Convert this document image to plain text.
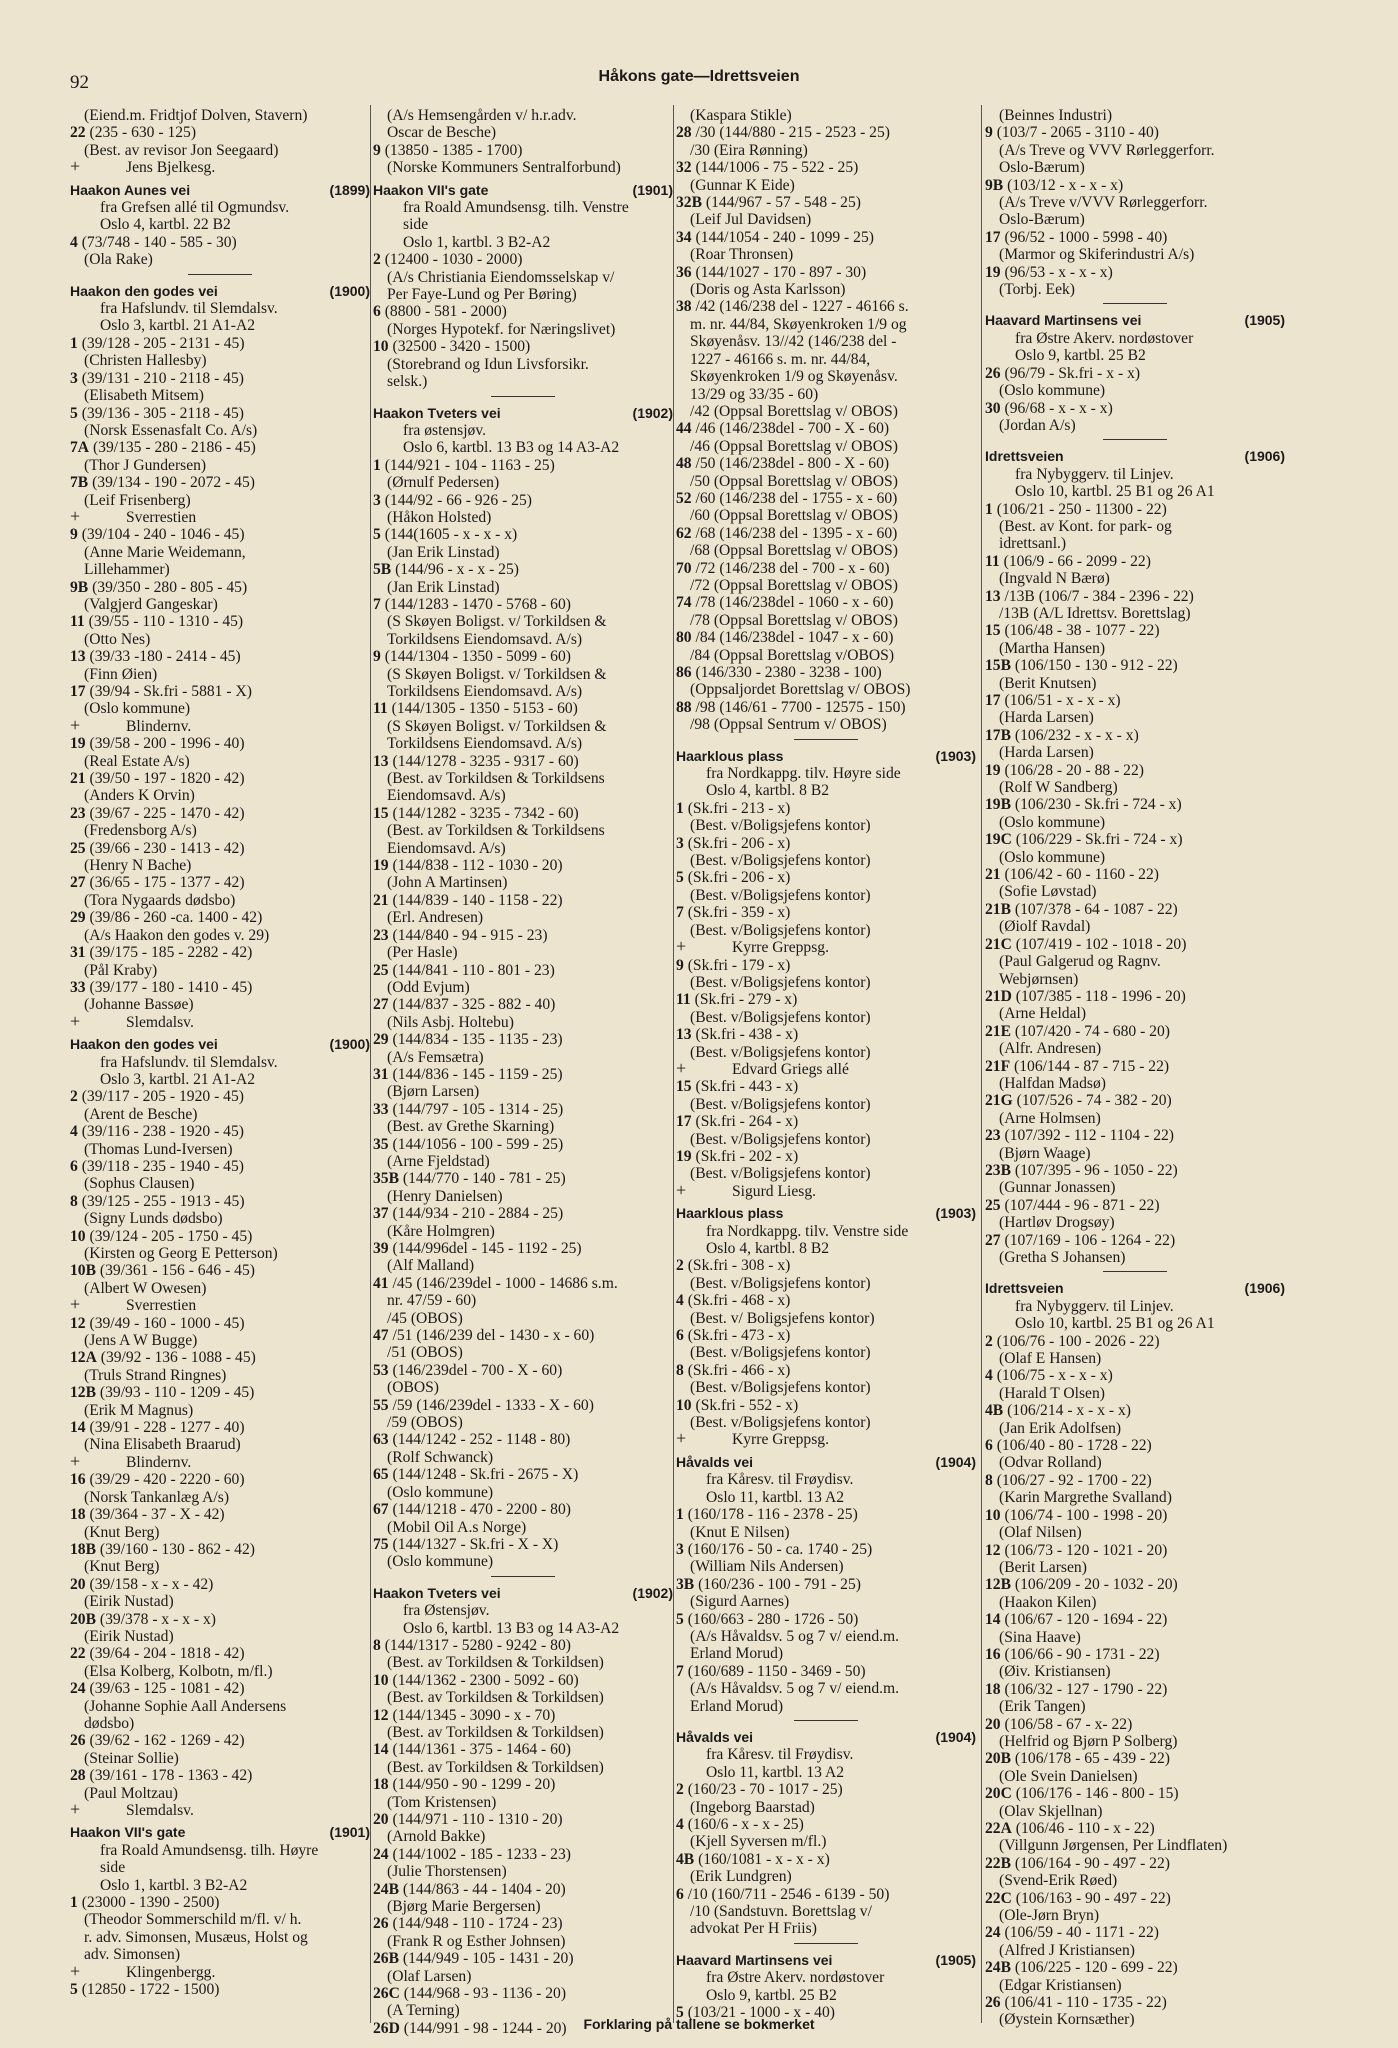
92	Håkons gate—Idrettsveien
(Eiend.m. Fridtjof Dolven, Stavern)
22 (235 - 630 - 125)
(Best. av revisor Jon Seegaard)
+	Jens Bjelkesg.
Haakon Aunes vei	(1899)
fra Grefsen allé til Ogmundsv.
Oslo 4, kartbl. 22 B2
4 (73/748 - 140 - 585 - 30)
(Ola Rake)
Haakon den godes vei	(1900)
fra Hafslundv. til Slemdalsv.
Oslo 3, kartbl. 21 A1-A2
1 (39/128 - 205 - 2131 - 45)
(Christen Hallesby)
3 (39/131 - 210 - 2118 - 45)
(Elisabeth Mitsem)
5 (39/136 - 305 - 2118 - 45)
(Norsk Essenasfalt Co. A/s)
7A (39/135 - 280 - 2186 - 45)
(Thor J Gundersen)
7B (39/134 - 190 - 2072 - 45)
(Leif Frisenberg)
+	Sverrestien
9 (39/104 - 240 - 1046 - 45)
(Anne Marie Weidemann,
Lillehammer)
9B (39/350 - 280 - 805 - 45)
(Valgjerd Gangeskar)
11 (39/55 - 110 - 1310 - 45)
(Otto Nes)
13 (39/33 -180 - 2414 - 45)
(Finn Øien)
17 (39/94 - Sk.fri - 5881 - X)
(Oslo kommune)
+	Blindernv.
19 (39/58 - 200 - 1996 - 40)
(Real Estate A/s)
21 (39/50 - 197 - 1820 - 42)
(Anders K Orvin)
23 (39/67 - 225 - 1470 - 42)
(Fredensborg A/s)
25 (39/66 - 230 - 1413 - 42)
(Henry N Bache)
27 (36/65 - 175 - 1377 - 42)
(Tora Nygaards dødsbo)
29 (39/86 - 260 -ca. 1400 - 42)
(A/s Haakon den godes v. 29)
31 (39/175 - 185 - 2282 - 42)
(Pål Kraby)
33 (39/177 - 180 - 1410 - 45)
(Johanne Bassøe)
+	Slemdalsv.
Haakon den godes vei	(1900)
fra Hafslundv. til Slemdalsv.
Oslo 3, kartbl. 21 A1-A2
2 (39/117 - 205 - 1920 - 45)
(Arent de Besche)
4 (39/116 - 238 - 1920 - 45)
(Thomas Lund-Iversen)
6 (39/118 - 235 - 1940 - 45)
(Sophus Clausen)
8 (39/125 - 255 - 1913 - 45)
(Signy Lunds dødsbo)
10 (39/124 - 205 - 1750 - 45)
(Kirsten og Georg E Petterson)
10B (39/361 - 156 - 646 - 45)
(Albert W Owesen)
+	Sverrestien
12 (39/49 - 160 - 1000 - 45)
(Jens A W Bugge)
12A (39/92 - 136 - 1088 - 45)
(Truls Strand Ringnes)
12B (39/93 - 110 - 1209 - 45)
(Erik M Magnus)
14 (39/91 - 228 - 1277 - 40)
(Nina Elisabeth Braarud)
+	Blindernv.
16 (39/29 - 420 - 2220 - 60)
(Norsk Tankanlæg A/s)
18 (39/364 - 37 - X - 42)
(Knut Berg)
18B (39/160 - 130 - 862 - 42)
(Knut Berg)
20 (39/158 - x - x - 42)
(Eirik Nustad)
20B (39/378 - x - x - x)
(Eirik Nustad)
22 (39/64 - 204 - 1818 - 42)
(Elsa Kolberg, Kolbotn, m/fl.)
24 (39/63 - 125 - 1081 - 42)
(Johanne Sophie Aall Andersens
dødsbo)
26 (39/62 - 162 - 1269 - 42)
(Steinar Sollie)
28 (39/161 - 178 - 1363 - 42)
(Paul Moltzau)
+	Slemdalsv.
Haakon VII's gate	(1901)
fra Roald Amundsensg. tilh. Høyre
side
Oslo 1, kartbl. 3 B2-A2
1 (23000 - 1390 - 2500)
(Theodor Sommerschild m/fl. v/ h.
r. adv. Simonsen, Musæus, Holst og
adv. Simonsen)
+	Klingenbergg.
5 (12850 - 1722 - 1500)
(A/s Hemsengården v/ h.r.adv.
Oscar de Besche)
9 (13850 - 1385 - 1700)
(Norske Kommuners Sentralforbund)
Haakon VII's gate	(1901)
fra Roald Amundsensg. tilh. Venstre
side
Oslo 1, kartbl. 3 B2-A2
2 (12400 - 1030 - 2000)
(A/s Christiania Eiendomsselskap v/
Per Faye-Lund og Per Børing)
6 (8800 - 581 - 2000)
(Norges Hypotekf. for Næringslivet)
10 (32500 - 3420 - 1500)
(Storebrand og Idun Livsforsikr.
selsk.)
Haakon Tveters vei	(1902)
fra østensjøv.
Oslo 6, kartbl. 13 B3 og 14 A3-A2
1 (144/921 - 104 - 1163 - 25)
(Ørnulf Pedersen)
3 (144/92 - 66 - 926 - 25)
(Håkon Holsted)
5 (144(1605 - x - x - x)
(Jan Erik Linstad)
5B (144/96 - x - x - 25)
(Jan Erik Linstad)
7 (144/1283 - 1470 - 5768 - 60)
(S Skøyen Boligst. v/ Torkildsen &
Torkildsens Eiendomsavd. A/s)
9 (144/1304 - 1350 - 5099 - 60)
(S Skøyen Boligst. v/ Torkildsen &
Torkildsens Eiendomsavd. A/s)
11 (144/1305 - 1350 - 5153 - 60)
(S Skøyen Boligst. v/ Torkildsen &
Torkildsens Eiendomsavd. A/s)
13 (144/1278 - 3235 - 9317 - 60)
(Best. av Torkildsen & Torkildsens
Eiendomsavd. A/s)
15 (144/1282 - 3235 - 7342 - 60)
(Best. av Torkildsen & Torkildsens
Eiendomsavd. A/s)
19 (144/838 - 112 - 1030 - 20)
(John A Martinsen)
21 (144/839 - 140 - 1158 - 22)
(Erl. Andresen)
23 (144/840 - 94 - 915 - 23)
(Per Hasle)
25 (144/841 - 110 - 801 - 23)
(Odd Evjum)
27 (144/837 - 325 - 882 - 40)
(Nils Asbj. Holtebu)
29 (144/834 - 135 - 1135 - 23)
(A/s Femsætra)
31 (144/836 - 145 - 1159 - 25)
(Bjørn Larsen)
33 (144/797 - 105 - 1314 - 25)
(Best. av Grethe Skarning)
35 (144/1056 - 100 - 599 - 25)
(Arne Fjeldstad)
35B (144/770 - 140 - 781 - 25)
(Henry Danielsen)
37 (144/934 - 210 - 2884 - 25)
(Kåre Holmgren)
39 (144/996del - 145 - 1192 - 25)
(Alf Malland)
41 /45 (146/239del - 1000 - 14686 s.m.
nr. 47/59 - 60)
/45 (OBOS)
47 /51 (146/239 del - 1430 - x - 60)
/51 (OBOS)
53 (146/239del - 700 - X - 60)
(OBOS)
55 /59 (146/239del - 1333 - X - 60)
/59 (OBOS)
63 (144/1242 - 252 - 1148 - 80)
(Rolf Schwanck)
65 (144/1248 - Sk.fri - 2675 - X)
(Oslo kommune)
67 (144/1218 - 470 - 2200 - 80)
(Mobil Oil A.s Norge)
75 (144/1327 - Sk.fri - X - X)
(Oslo kommune)
Haakon Tveters vei	(1902)
fra Østensjøv.
Oslo 6, kartbl. 13 B3 og 14 A3-A2
8 (144/1317 - 5280 - 9242 - 80)
(Best. av Torkildsen & Torkildsen)
10 (144/1362 - 2300 - 5092 - 60)
(Best. av Torkildsen & Torkildsen)
12 (144/1345 - 3090 - x - 70)
(Best. av Torkildsen & Torkildsen)
14 (144/1361 - 375 - 1464 - 60)
(Best. av Torkildsen & Torkildsen)
18 (144/950 - 90 - 1299 - 20)
(Tom Kristensen)
20 (144/971 - 110 - 1310 - 20)
(Arnold Bakke)
24 (144/1002 - 185 - 1233 - 23)
(Julie Thorstensen)
24B (144/863 - 44 - 1404 - 20)
(Bjørg Marie Bergersen)
26 (144/948 - 110 - 1724 - 23)
(Frank R og Esther Johnsen)
26B (144/949 - 105 - 1431 - 20)
(Olaf Larsen)
26C (144/968 - 93 - 1136 - 20)
(A Terning)
26D (144/991 - 98 - 1244 - 20)
(Kaspara Stikle)
28 /30 (144/880 - 215 - 2523 - 25)
/30 (Eira Rønning)
32 (144/1006 - 75 - 522 - 25)
(Gunnar K Eide)
32B (144/967 - 57 - 548 - 25)
(Leif Jul Davidsen)
34 (144/1054 - 240 - 1099 - 25)
(Roar Thronsen)
36 (144/1027 - 170 - 897 - 30)
(Doris og Asta Karlsson)
38 /42 (146/238 del - 1227 - 46166 s.
m. nr. 44/84, Skøyenkroken 1/9 og
Skøyenåsv. 13//42 (146/238 del -
1227 - 46166 s. m. nr. 44/84,
Skøyenkroken 1/9 og Skøyenåsv.
13/29 og 33/35 - 60)
/42 (Oppsal Borettslag v/ OBOS)
44 /46 (146/238del - 700 - X - 60)
/46 (Oppsal Borettslag v/ OBOS)
48 /50 (146/238del - 800 - X - 60)
/50 (Oppsal Borettslag v/ OBOS)
52 /60 (146/238 del - 1755 - x - 60)
/60 (Oppsal Borettslag v/ OBOS)
62 /68 (146/238 del - 1395 - x - 60)
/68 (Oppsal Borettslag v/ OBOS)
70 /72 (146/238 del - 700 - x - 60)
/72 (Oppsal Borettslag v/ OBOS)
74 /78 (146/238del - 1060 - x - 60)
/78 (Oppsal Borettslag v/ OBOS)
80 /84 (146/238del - 1047 - x - 60)
/84 (Oppsal Borettslag v/OBOS)
86 (146/330 - 2380 - 3238 - 100)
(Oppsaljordet Borettslag v/ OBOS)
88 /98 (146/61 - 7700 - 12575 - 150)
/98 (Oppsal Sentrum v/ OBOS)
Haarklous plass	(1903)
fra Nordkappg. tilv. Høyre side
Oslo 4, kartbl. 8 B2
1 (Sk.fri - 213 - x)
(Best. v/Boligsjefens kontor)
3 (Sk.fri - 206 - x)
(Best. v/Boligsjefens kontor)
5 (Sk.fri - 206 - x)
(Best. v/Boligsjefens kontor)
7 (Sk.fri - 359 - x)
(Best. v/Boligsjefens kontor)
+	Kyrre Greppsg.
9 (Sk.fri - 179 - x)
(Best. v/Boligsjefens kontor)
11 (Sk.fri - 279 - x)
(Best. v/Boligsjefens kontor)
13 (Sk.fri - 438 - x)
(Best. v/Boligsjefens kontor)
+	Edvard Griegs allé
15 (Sk.fri - 443 - x)
(Best. v/Boligsjefens kontor)
17 (Sk.fri - 264 - x)
(Best. v/Boligsjefens kontor)
19 (Sk.fri - 202 - x)
(Best. v/Boligsjefens kontor)
+	Sigurd Liesg.
Haarklous plass	(1903)
fra Nordkappg. tilv. Venstre side
Oslo 4, kartbl. 8 B2
2 (Sk.fri - 308 - x)
(Best. v/Boligsjefens kontor)
4 (Sk.fri - 468 - x)
(Best. v/ Boligsjefens kontor)
6 (Sk.fri - 473 - x)
(Best. v/Boligsjefens kontor)
8 (Sk.fri - 466 - x)
(Best. v/Boligsjefens kontor)
10 (Sk.fri - 552 - x)
(Best. v/Boligsjefens kontor)
+	Kyrre Greppsg.
Håvalds vei	(1904)
fra Kåresv. til Frøydisv.
Oslo 11, kartbl. 13 A2
1 (160/178 - 116 - 2378 - 25)
(Knut E Nilsen)
3 (160/176 - 50 - ca. 1740 - 25)
(William Nils Andersen)
3B (160/236 - 100 - 791 - 25)
(Sigurd Aarnes)
5 (160/663 - 280 - 1726 - 50)
(A/s Håvaldsv. 5 og 7 v/ eiend.m.
Erland Morud)
7 (160/689 - 1150 - 3469 - 50)
(A/s Håvaldsv. 5 og 7 v/ eiend.m.
Erland Morud)
Håvalds vei	(1904)
fra Kåresv. til Frøydisv.
Oslo 11, kartbl. 13 A2
2 (160/23 - 70 - 1017 - 25)
(Ingeborg Baarstad)
4 (160/6 - x - x - 25)
(Kjell Syversen m/fl.)
4B (160/1081 - x - x - x)
(Erik Lundgren)
6 /10 (160/711 - 2546 - 6139 - 50)
/10 (Sandstuvn. Borettslag v/
advokat Per H Friis)
Haavard Martinsens vei	(1905)
fra Østre Akerv. nordøstover
Oslo 9, kartbl. 25 B2
5 (103/21 - 1000 - x - 40)
(Beinnes Industri)
9 (103/7 - 2065 - 3110 - 40)
(A/s Treve og VVV Rørleggerforr.
Oslo-Bærum)
9B (103/12 - x - x - x)
(A/s Treve v/VVV Rørleggerforr.
Oslo-Bærum)
17 (96/52 - 1000 - 5998 - 40)
(Marmor og Skiferindustri A/s)
19 (96/53 - x - x - x)
(Torbj. Eek)
Haavard Martinsens vei	(1905)
fra Østre Akerv. nordøstover
Oslo 9, kartbl. 25 B2
26 (96/79 - Sk.fri - x - x)
(Oslo kommune)
30 (96/68 - x - x - x)
(Jordan A/s)
Idrettsveien	(1906)
fra Nybyggerv. til Linjev.
Oslo 10, kartbl. 25 B1 og 26 A1
1 (106/21 - 250 - 11300 - 22)
(Best. av Kont. for park- og
idrettsanl.)
11 (106/9 - 66 - 2099 - 22)
(Ingvald N Bærø)
13 /13B (106/7 - 384 - 2396 - 22)
/13B (A/L Idrettsv. Borettslag)
15 (106/48 - 38 - 1077 - 22)
(Martha Hansen)
15B (106/150 - 130 - 912 - 22)
(Berit Knutsen)
17 (106/51 - x - x - x)
(Harda Larsen)
17B (106/232 - x - x - x)
(Harda Larsen)
19 (106/28 - 20 - 88 - 22)
(Rolf W Sandberg)
19B (106/230 - Sk.fri - 724 - x)
(Oslo kommune)
19C (106/229 - Sk.fri - 724 - x)
(Oslo kommune)
21 (106/42 - 60 - 1160 - 22)
(Sofie Løvstad)
21B (107/378 - 64 - 1087 - 22)
(Øiolf Ravdal)
21C (107/419 - 102 - 1018 - 20)
(Paul Galgerud og Ragnv.
Webjørnsen)
21D (107/385 - 118 - 1996 - 20)
(Arne Heldal)
21E (107/420 - 74 - 680 - 20)
(Alfr. Andresen)
21F (106/144 - 87 - 715 - 22)
(Halfdan Madsø)
21G (107/526 - 74 - 382 - 20)
(Arne Holmsen)
23 (107/392 - 112 - 1104 - 22)
(Bjørn Waage)
23B (107/395 - 96 - 1050 - 22)
(Gunnar Jonassen)
25 (107/444 - 96 - 871 - 22)
(Hartløv Drogsøy)
27 (107/169 - 106 - 1264 - 22)
(Gretha S Johansen)
Idrettsveien	(1906)
fra Nybyggerv. til Linjev.
Oslo 10, kartbl. 25 B1 og 26 A1
2 (106/76 - 100 - 2026 - 22)
(Olaf E Hansen)
4 (106/75 - x - x - x)
(Harald T Olsen)
4B (106/214 - x - x - x)
(Jan Erik Adolfsen)
6 (106/40 - 80 - 1728 - 22)
(Odvar Rolland)
8 (106/27 - 92 - 1700 - 22)
(Karin Margrethe Svalland)
10 (106/74 - 100 - 1998 - 20)
(Olaf Nilsen)
12 (106/73 - 120 - 1021 - 20)
(Berit Larsen)
12B (106/209 - 20 - 1032 - 20)
(Haakon Kilen)
14 (106/67 - 120 - 1694 - 22)
(Sina Haave)
16 (106/66 - 90 - 1731 - 22)
(Øiv. Kristiansen)
18 (106/32 - 127 - 1790 - 22)
(Erik Tangen)
20 (106/58 - 67 - x- 22)
(Helfrid og Bjørn P Solberg)
20B (106/178 - 65 - 439 - 22)
(Ole Svein Danielsen)
20C (106/176 - 146 - 800 - 15)
(Olav Skjellnan)
22A (106/46 - 110 - x - 22)
(Villgunn Jørgensen, Per Lindflaten)
22B (106/164 - 90 - 497 - 22)
(Svend-Erik Røed)
22C (106/163 - 90 - 497 - 22)
(Ole-Jørn Bryn)
24 (106/59 - 40 - 1171 - 22)
(Alfred J Kristiansen)
24B (106/225 - 120 - 699 - 22)
(Edgar Kristiansen)
26 (106/41 - 110 - 1735 - 22)
(Øystein Kornsæther)
Forklaring på tallene se bokmerket
